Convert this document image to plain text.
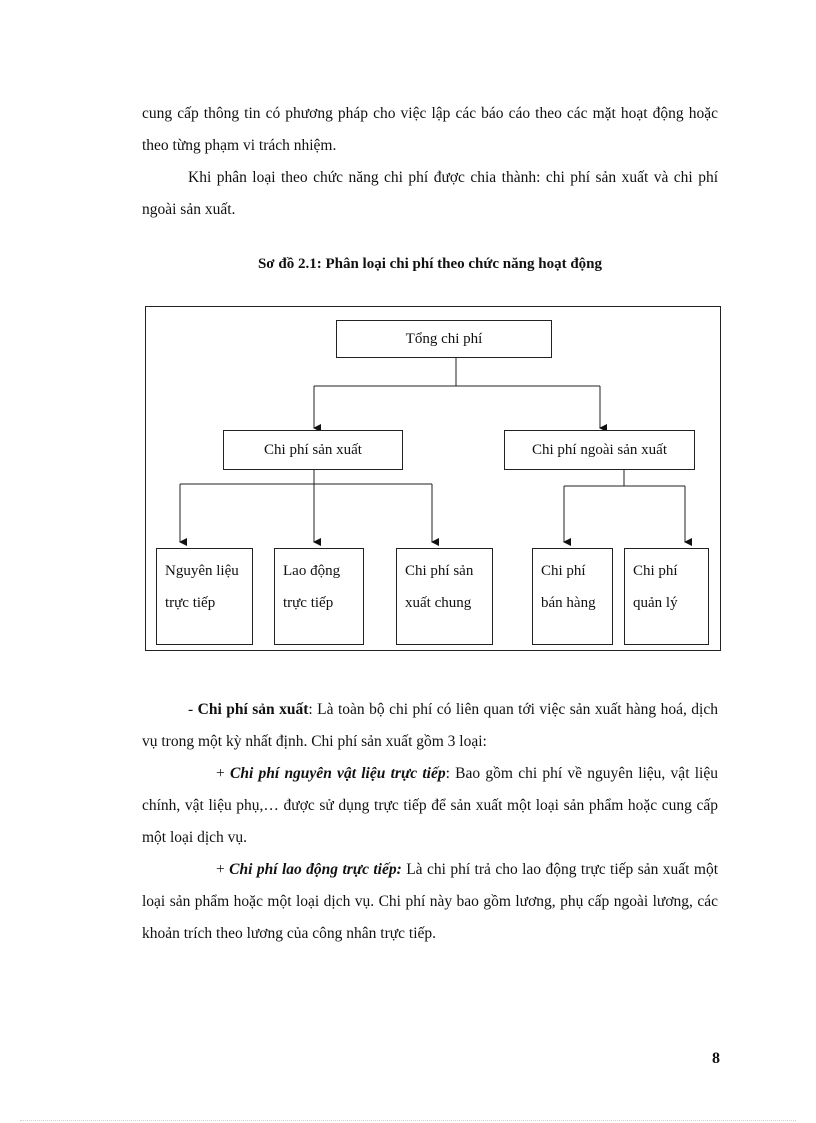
cung cấp thông tin có phương pháp cho việc lập các báo cáo theo các mặt hoạt động hoặc theo từng phạm vi trách nhiệm.

Khi phân loại theo chức năng chi phí được chia thành: chi phí sản xuất và chi phí ngoài sản xuất.

Sơ đồ 2.1: Phân loại chi phí theo chức năng hoạt động

Tổng chi phí
Chi phí sản xuất	Chi phí ngoài sản xuất
Nguyên liệu trực tiếp
Lao động trực tiếp
Chi phí sản xuất chung
Chi phí bán hàng
Chi phí quản lý

- Chi phí sản xuất: Là toàn bộ chi phí có liên quan tới việc sản xuất hàng hoá, dịch vụ trong một kỳ nhất định. Chi phí sản xuất gồm 3 loại:

+ Chi phí nguyên vật liệu trực tiếp: Bao gồm chi phí về nguyên liệu, vật liệu chính, vật liệu phụ,… được sử dụng trực tiếp để sản xuất một loại sản phẩm hoặc cung cấp một loại dịch vụ.

+ Chi phí lao động trực tiếp: Là chi phí trả cho lao động trực tiếp sản xuất một loại sản phẩm hoặc một loại dịch vụ. Chi phí này bao gồm lương, phụ cấp ngoài lương, các khoản trích theo lương của công nhân trực tiếp.

8
